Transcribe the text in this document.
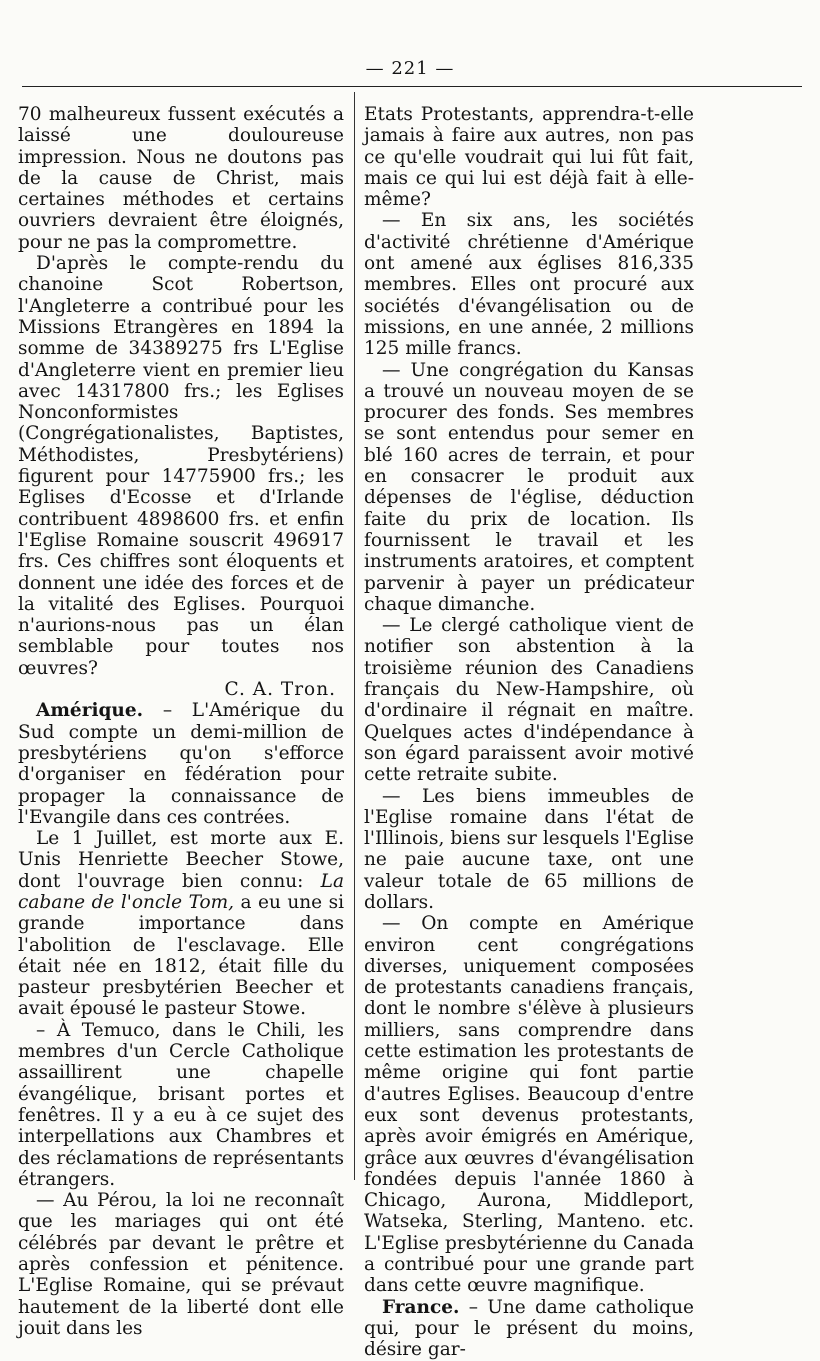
— 221 —

70 malheureux fussent exécutés a laissé une douloureuse impression. Nous ne doutons pas de la cause de Christ, mais certaines méthodes et certains ouvriers devraient être éloignés, pour ne pas la compromettre.

D'après le compte-rendu du chanoine Scot Robertson, l'Angleterre a contribué pour les Missions Etrangères en 1894 la somme de 34389275 frs L'Eglise d'Angleterre vient en premier lieu avec 14317800 frs.; les Eglises Nonconformistes (Congrégationalistes, Baptistes, Méthodistes, Presbytériens) figurent pour 14775900 frs.; les Eglises d'Ecosse et d'Irlande contribuent 4898600 frs. et enfin l'Eglise Romaine souscrit 496917 frs. Ces chiffres sont éloquents et donnent une idée des forces et de la vitalité des Eglises. Pourquoi n'aurions-nous pas un élan semblable pour toutes nos œuvres?

C. A. Tron.

Amérique. – L'Amérique du Sud compte un demi-million de presbytériens qu'on s'efforce d'organiser en fédération pour propager la connaissance de l'Evangile dans ces contrées.

Le 1 Juillet, est morte aux E. Unis Henriette Beecher Stowe, dont l'ouvrage bien connu: La cabane de l'oncle Tom, a eu une si grande importance dans l'abolition de l'esclavage. Elle était née en 1812, était fille du pasteur presbytérien Beecher et avait épousé le pasteur Stowe.

– À Temuco, dans le Chili, les membres d'un Cercle Catholique assaillirent une chapelle évangélique, brisant portes et fenêtres. Il y a eu à ce sujet des interpellations aux Chambres et des réclamations de représentants étrangers.

— Au Pérou, la loi ne reconnaît que les mariages qui ont été célébrés par devant le prêtre et après confession et pénitence. L'Eglise Romaine, qui se prévaut hautement de la liberté dont elle jouit dans les

Etats Protestants, apprendra-t-elle jamais à faire aux autres, non pas ce qu'elle voudrait qui lui fût fait, mais ce qui lui est déjà fait à elle-même?

— En six ans, les sociétés d'activité chrétienne d'Amérique ont amené aux églises 816,335 membres. Elles ont procuré aux sociétés d'évangélisation ou de missions, en une année, 2 millions 125 mille francs.

— Une congrégation du Kansas a trouvé un nouveau moyen de se procurer des fonds. Ses membres se sont entendus pour semer en blé 160 acres de terrain, et pour en consacrer le produit aux dépenses de l'église, déduction faite du prix de location. Ils fournissent le travail et les instruments aratoires, et comptent parvenir à payer un prédicateur chaque dimanche.

— Le clergé catholique vient de notifier son abstention à la troisième réunion des Canadiens français du New-Hampshire, où d'ordinaire il régnait en maître. Quelques actes d'indépendance à son égard paraissent avoir motivé cette retraite subite.

— Les biens immeubles de l'Eglise romaine dans l'état de l'Illinois, biens sur lesquels l'Eglise ne paie aucune taxe, ont une valeur totale de 65 millions de dollars.

— On compte en Amérique environ cent congrégations diverses, uniquement composées de protestants canadiens français, dont le nombre s'élève à plusieurs milliers, sans comprendre dans cette estimation les protestants de même origine qui font partie d'autres Eglises. Beaucoup d'entre eux sont devenus protestants, après avoir émigrés en Amérique, grâce aux œuvres d'évangélisation fondées depuis l'année 1860 à Chicago, Aurona, Middleport, Watseka, Sterling, Manteno. etc. L'Eglise presbytérienne du Canada a contribué pour une grande part dans cette œuvre magnifique.

France. – Une dame catholique qui, pour le présent du moins, désire gar-
